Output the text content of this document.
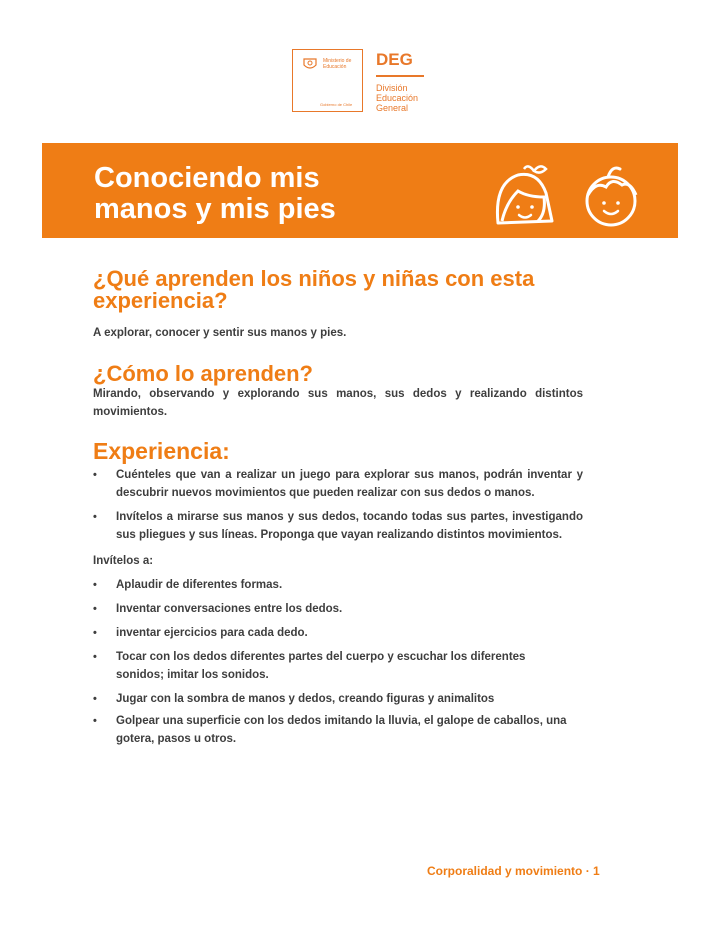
Ministerio de
Educación
Gobierno de Chile
DEG
División
Educación
General
Conociendo mis
manos y mis pies
¿Qué aprenden los niños y niñas con esta experiencia?
A explorar, conocer y sentir sus manos y pies.
¿Cómo lo aprenden?
Mirando, observando y explorando sus manos, sus dedos y realizando distintos movimientos.
Experiencia:
• Cuénteles que van a realizar un juego para explorar sus manos, podrán inventar y descubrir nuevos movimientos que pueden realizar con sus dedos o manos.
• Invítelos a mirarse sus manos y sus dedos, tocando todas sus partes, investigando sus pliegues y sus líneas. Proponga que vayan realizando distintos movimientos.
Invítelos a:
• Aplaudir de diferentes formas.
• Inventar conversaciones entre los dedos.
• inventar ejercicios para cada dedo.
• Tocar con los dedos diferentes partes del cuerpo y escuchar los diferentes sonidos; imitar los sonidos.
• Jugar con la sombra de manos y dedos, creando figuras y animalitos
• Golpear una superficie con los dedos imitando la lluvia, el galope de caballos, una gotera, pasos u otros.
Corporalidad y movimiento · 1
